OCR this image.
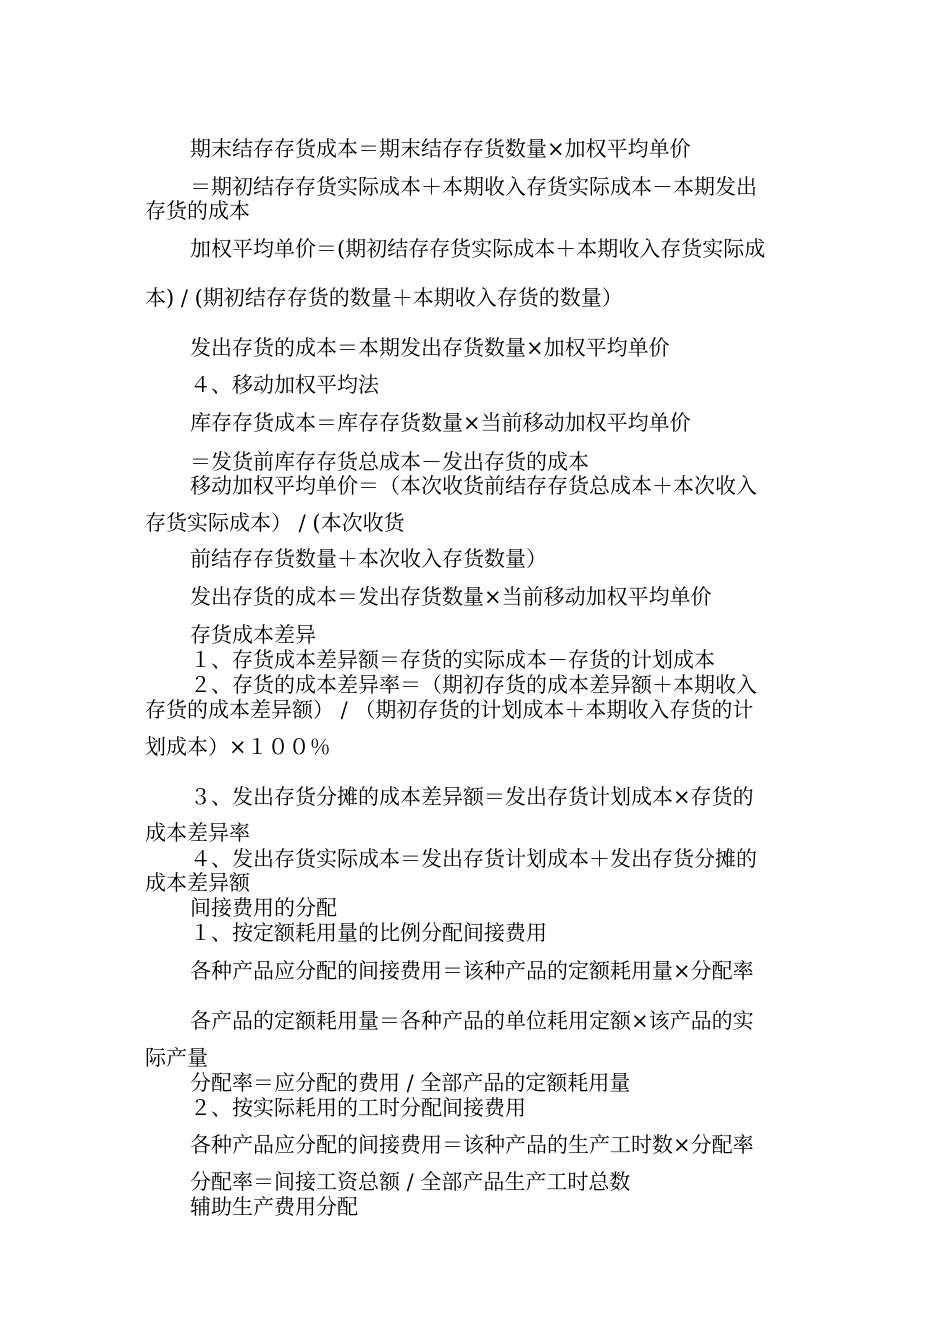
期末结存存货成本＝期末结存存货数量×加权平均单价
＝期初结存存货实际成本＋本期收入存货实际成本－本期发出
存货的成本
加权平均单价＝(期初结存存货实际成本＋本期收入存货实际成
本) / (期初结存存货的数量＋本期收入存货的数量）
发出存货的成本＝本期发出存货数量×加权平均单价
４、移动加权平均法
库存存货成本＝库存存货数量×当前移动加权平均单价
＝发货前库存存货总成本－发出存货的成本
移动加权平均单价＝（本次收货前结存存货总成本＋本次收入
存货实际成本） / (本次收货
前结存存货数量＋本次收入存货数量）
发出存货的成本＝发出存货数量×当前移动加权平均单价
存货成本差异
１、存货成本差异额＝存货的实际成本－存货的计划成本
２、存货的成本差异率＝（期初存货的成本差异额＋本期收入
存货的成本差异额） / （期初存货的计划成本＋本期收入存货的计
划成本）×１００％
３、发出存货分摊的成本差异额＝发出存货计划成本×存货的
成本差异率
４、发出存货实际成本＝发出存货计划成本＋发出存货分摊的
成本差异额
间接费用的分配
１、按定额耗用量的比例分配间接费用
各种产品应分配的间接费用＝该种产品的定额耗用量×分配率
各产品的定额耗用量＝各种产品的单位耗用定额×该产品的实
际产量
分配率＝应分配的费用 / 全部产品的定额耗用量
２、按实际耗用的工时分配间接费用
各种产品应分配的间接费用＝该种产品的生产工时数×分配率
分配率＝间接工资总额 / 全部产品生产工时总数
辅助生产费用分配
